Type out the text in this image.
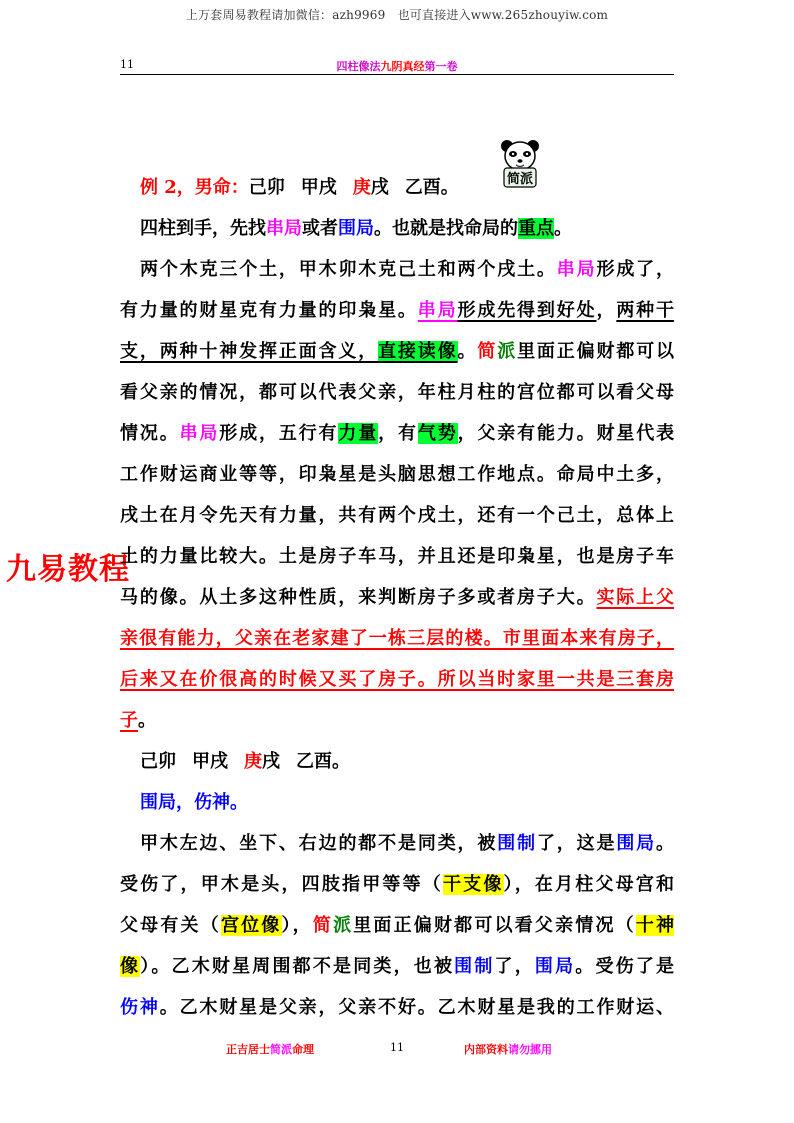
上万套周易教程请加微信：azh9969　也可直接进入www.265zhouyiw.com
11	四柱像法九阴真经第一卷
简派
九易教程
例 2，男命：己卯 甲戌 庚戌 乙酉。
四柱到手，先找串局或者围局。也就是找命局的重点。
两个木克三个土，甲木卯木克己土和两个戌土。串局形成了，
有力量的财星克有力量的印枭星。串局形成先得到好处，两种干
支，两种十神发挥正面含义，直接读像。简派里面正偏财都可以
看父亲的情况，都可以代表父亲，年柱月柱的宫位都可以看父母
情况。串局形成，五行有力量，有气势，父亲有能力。财星代表
工作财运商业等等，印枭星是头脑思想工作地点。命局中土多，
戌土在月令先天有力量，共有两个戌土，还有一个己土，总体上
土的力量比较大。土是房子车马，并且还是印枭星，也是房子车
马的像。从土多这种性质，来判断房子多或者房子大。实际上父
亲很有能力，父亲在老家建了一栋三层的楼。市里面本来有房子，
后来又在价很高的时候又买了房子。所以当时家里一共是三套房
子。
己卯 甲戌 庚戌 乙酉。
围局，伤神。
甲木左边、坐下、右边的都不是同类，被围制了，这是围局。
受伤了，甲木是头，四肢指甲等等（干支像），在月柱父母宫和
父母有关（宫位像），简派里面正偏财都可以看父亲情况（十神
像）。乙木财星周围都不是同类，也被围制了，围局。受伤了是
伤神。乙木财星是父亲，父亲不好。乙木财星是我的工作财运、
正吉居士简派命理	11	内部资料请勿挪用
